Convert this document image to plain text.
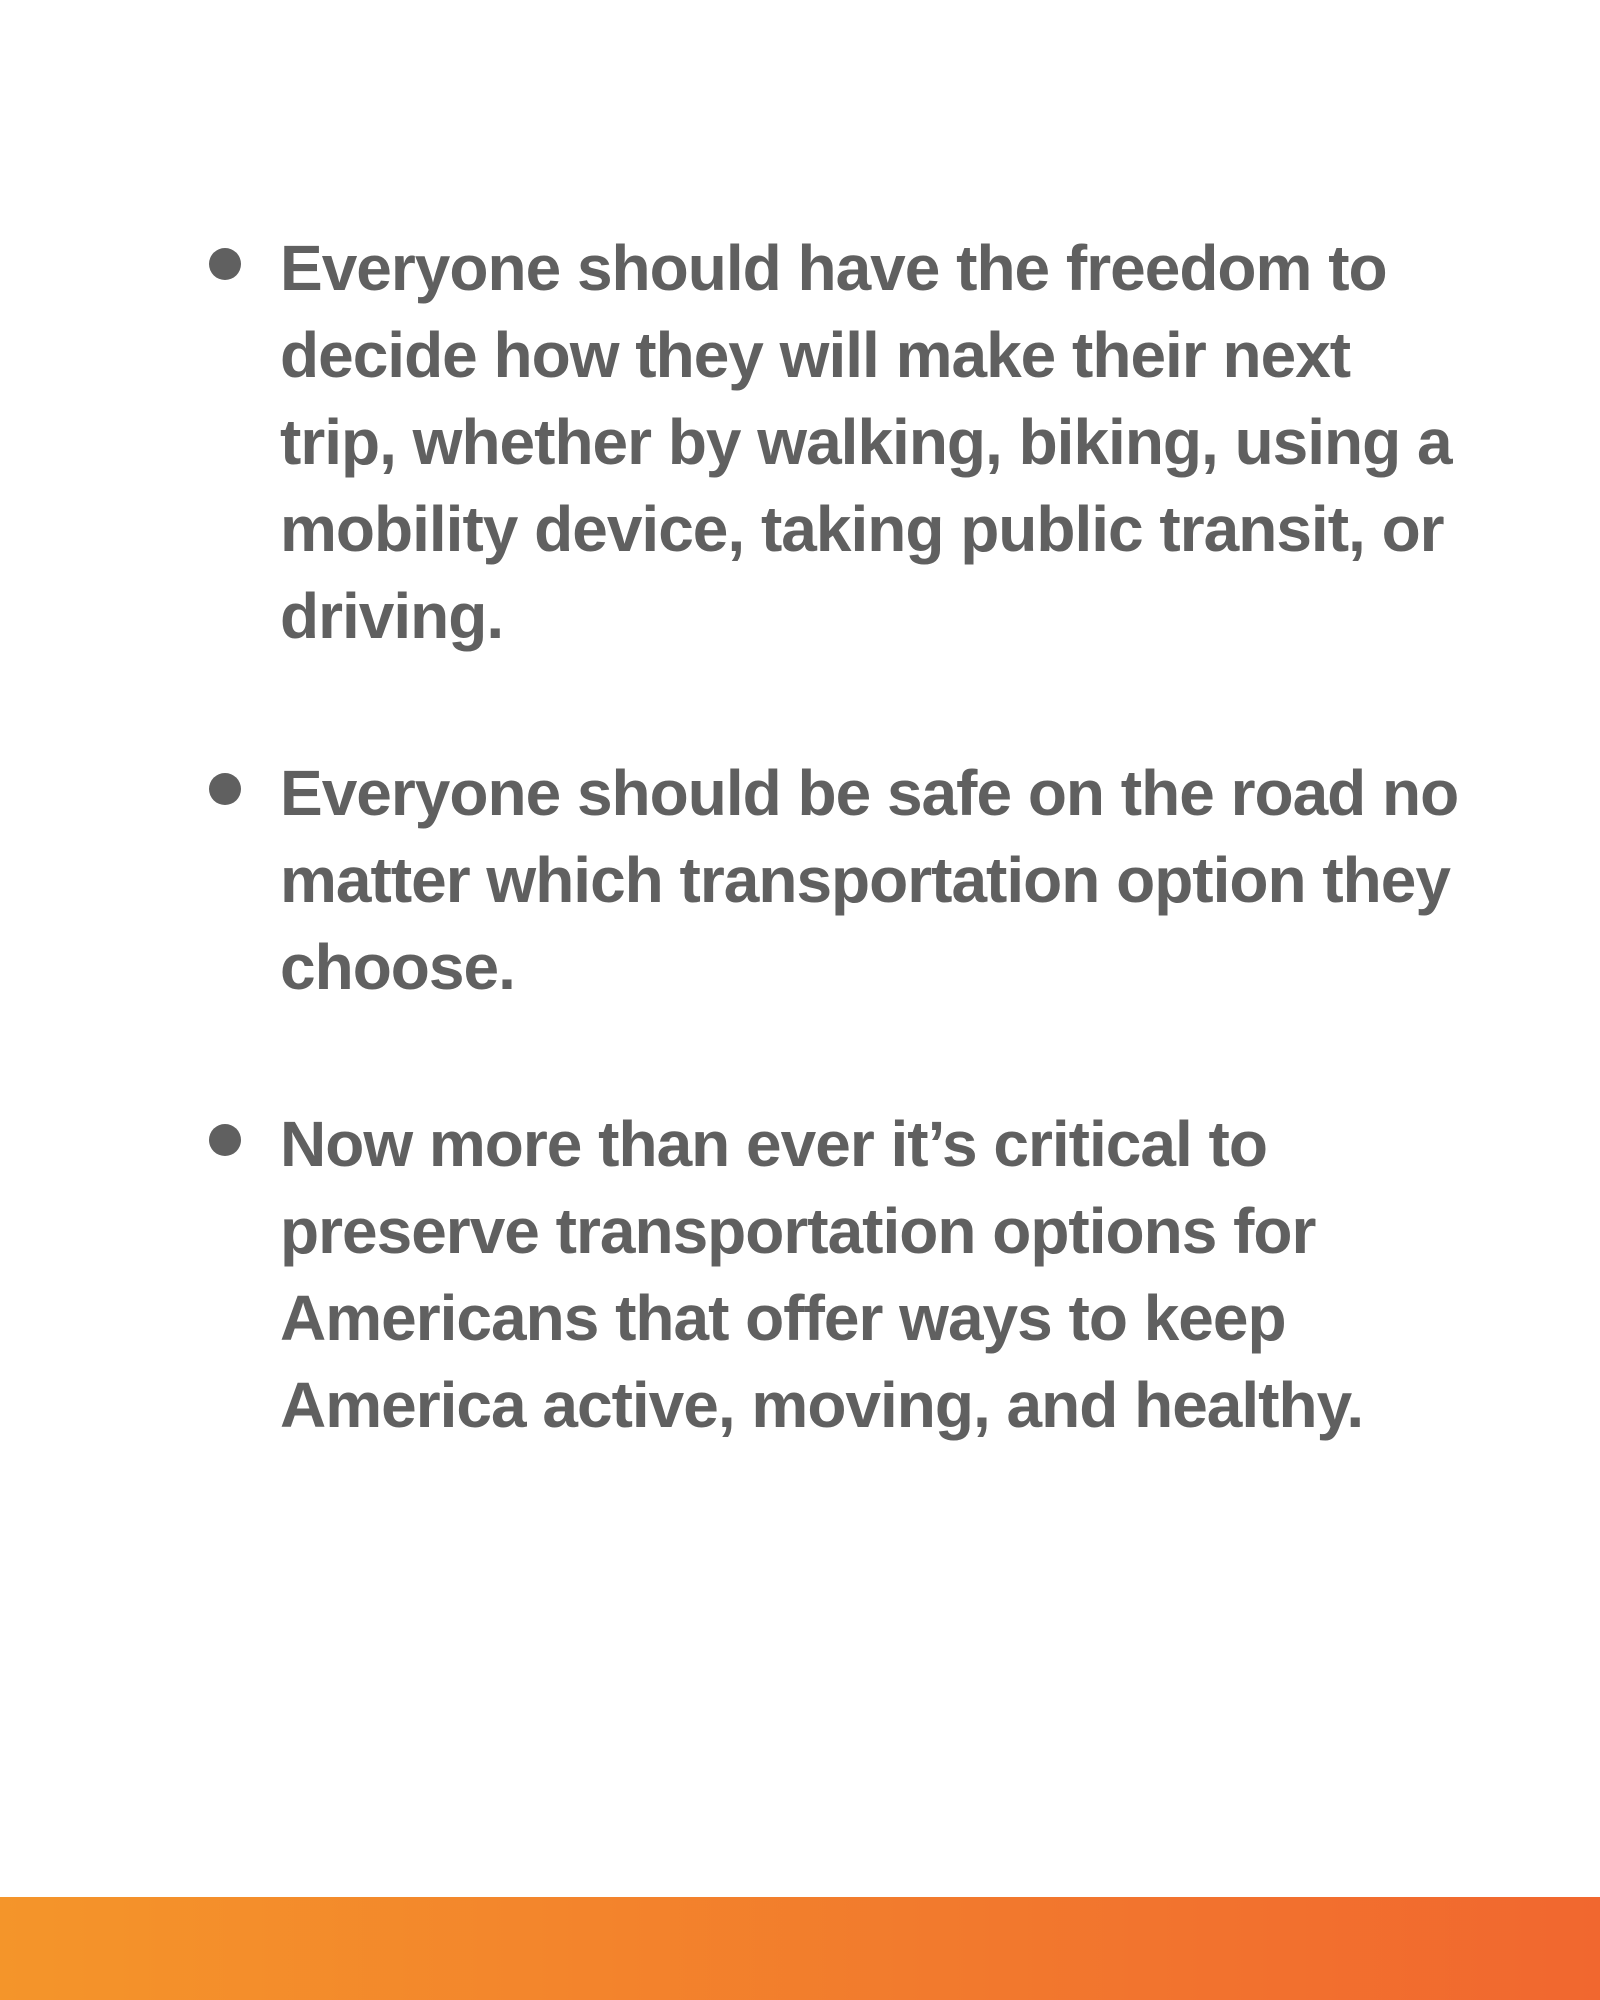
Everyone should have the freedom to decide how they will make their next trip, whether by walking, biking, using a mobility device, taking public transit, or driving.
Everyone should be safe on the road no matter which transportation option they choose.
Now more than ever it’s critical to preserve transportation options for Americans that offer ways to keep America active, moving, and healthy.
